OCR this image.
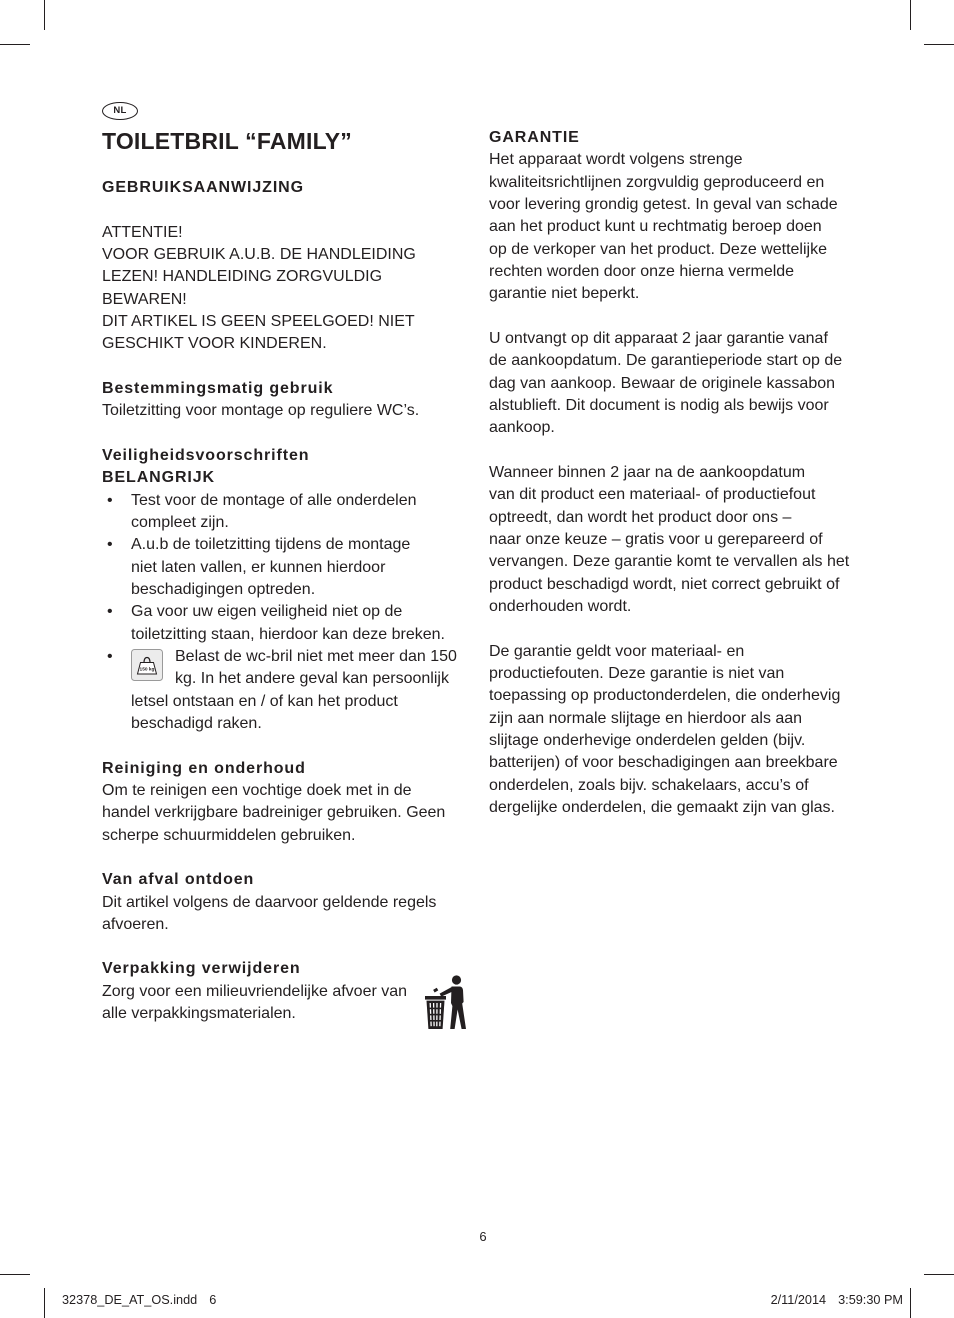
NL
TOILETBRIL “FAMILY”
GEBRUIKSAANWIJZING
ATTENTIE!
VOOR GEBRUIK A.U.B. DE HANDLEIDING
LEZEN! HANDLEIDING ZORGVULDIG
BEWAREN!
DIT ARTIKEL IS GEEN SPEELGOED! NIET
GESCHIKT VOOR KINDEREN.
Bestemmingsmatig gebruik
Toiletzitting voor montage op reguliere WC’s.
Veiligheidsvoorschriften
BELANGRIJK
• Test voor de montage of alle onderdelen
compleet zijn.
• A.u.b de toiletzitting tijdens de montage
niet laten vallen, er kunnen hierdoor
beschadigingen optreden.
• Ga voor uw eigen veiligheid niet op de
toiletzitting staan, hierdoor kan deze breken.
150 kg
•	Belast de wc-bril niet met meer dan 150
kg. In het andere geval kan persoonlijk
letsel ontstaan en / of kan het product
beschadigd raken.
Reiniging en onderhoud
Om te reinigen een vochtige doek met in de
handel verkrijgbare badreiniger gebruiken. Geen
scherpe schuurmiddelen gebruiken.
Van afval ontdoen
Dit artikel volgens de daarvoor geldende regels
afvoeren.
Verpakking verwijderen
Zorg voor een milieuvriendelijke afvoer van
alle verpakkingsmaterialen.
GARANTIE
Het apparaat wordt volgens strenge
kwaliteitsrichtlijnen zorgvuldig geproduceerd en
voor levering grondig getest. In geval van schade
aan het product kunt u rechtmatig beroep doen
op de verkoper van het product. Deze wettelijke
rechten worden door onze hierna vermelde
garantie niet beperkt.
U ontvangt op dit apparaat 2 jaar garantie vanaf
de aankoopdatum. De garantieperiode start op de
dag van aankoop. Bewaar de originele kassabon
alstublieft. Dit document is nodig als bewijs voor
aankoop.
Wanneer binnen 2 jaar na de aankoopdatum
van dit product een materiaal- of productiefout
optreedt, dan wordt het product door ons –
naar onze keuze – gratis voor u gerepareerd of
vervangen. Deze garantie komt te vervallen als het
product beschadigd wordt, niet correct gebruikt of
onderhouden wordt.
De garantie geldt voor materiaal- en
productiefouten. Deze garantie is niet van
toepassing op productonderdelen, die onderhevig
zijn aan normale slijtage en hierdoor als aan
slijtage onderhevige onderdelen gelden (bijv.
batterijen) of voor beschadigingen aan breekbare
onderdelen, zoals bijv. schakelaars, accu’s of
dergelijke onderdelen, die gemaakt zijn van glas.
6
32378_DE_AT_OS.indd 6	2/11/2014 3:59:30 PM
